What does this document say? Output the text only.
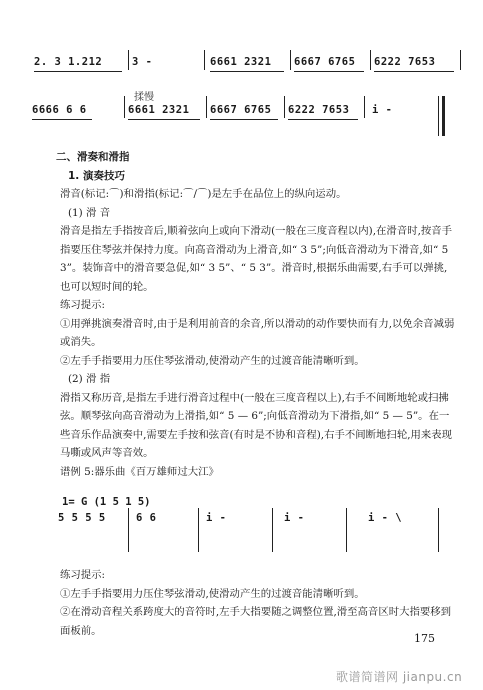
2. 3 1.212	3 -	6661 2321 6667 6765 6222 7653
揉慢
6666 6 6	6661 2321 6667 6765 6222 7653 i -

二、滑奏和滑指

1. 演奏技巧

滑音(标记:⌒)和滑指(标记:⌒/⌒)是左手在品位上的纵向运动。

(1) 滑 音

滑音是指左手指按音后,顺着弦向上或向下滑动(一般在三度音程以内),在滑音时,按音手指要压住琴弦并保持力度。向高音滑动为上滑音,如“ 3 5”;向低音滑动为下滑音,如“ 5 3”。装饰音中的滑音要急促,如“ 3 5”、“ 5 3”。滑音时,根据乐曲需要,右手可以弹挑,也可以短时间的轮。

练习提示:

①用弹挑演奏滑音时,由于是利用前音的余音,所以滑动的动作要快而有力,以免余音减弱或消失。

②左手手指要用力压住琴弦滑动,使滑动产生的过渡音能清晰听到。

(2) 滑 指

滑指又称历音,是指左手进行滑音过程中(一般在三度音程以上),右手不间断地轮或扫拂弦。顺琴弦向高音滑动为上滑指,如“ 5 — 6”;向低音滑动为下滑指,如“ 5 — 5”。在一些音乐作品演奏中,需要左手按和弦音(有时是不协和音程),右手不间断地扫轮,用来表现马嘶或风声等音效。

谱例 5:器乐曲《百万雄师过大江》

1= G (1 5 1 5)
5 5 5 5	6 6	i -	i -	i - \

练习提示:

①左手手指要用力压住琴弦滑动,使滑动产生的过渡音能清晰听到。

②在滑动音程关系跨度大的音符时,左手大指要随之调整位置,滑至高音区时大指要移到面板前。

175
歌谱简谱网 jianpu.cn
